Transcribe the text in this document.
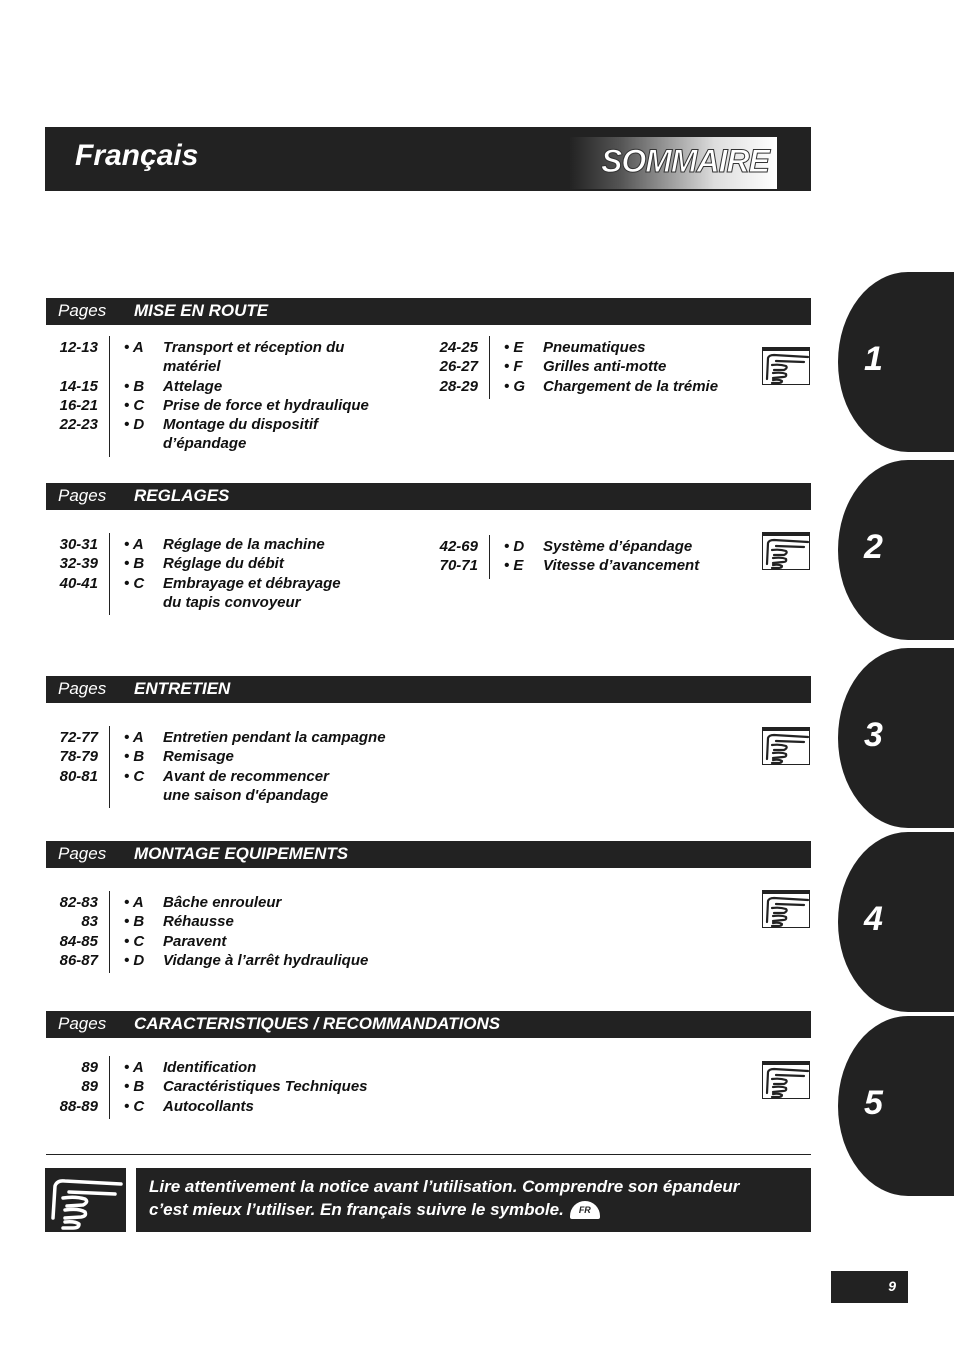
Français	SOMMAIRE
Pages MISE EN ROUTE
12-13
14-15
16-21
22-23
• A Transport et réception du
matériel
• B Attelage
• C Prise de force et hydraulique
• D Montage du dispositif
d’épandage
24-25
26-27
28-29
• E Pneumatiques
• F Grilles anti-motte
• G Chargement de la trémie
Pages REGLAGES
30-31
32-39
40-41
• A Réglage de la machine
• B Réglage du débit
• C Embrayage et débrayage
du tapis convoyeur
42-69
70-71
• D Système d’épandage
• E Vitesse d’avancement
Pages ENTRETIEN
72-77
78-79
80-81
• A Entretien pendant la campagne
• B Remisage
• C Avant de recommencer
une saison d'épandage
Pages MONTAGE EQUIPEMENTS
82-83
83
84-85
86-87
• A Bâche enrouleur
• B Réhausse
• C Paravent
• D Vidange à l’arrêt hydraulique
Pages CARACTERISTIQUES / RECOMMANDATIONS
89
89
88-89
• A Identification
• B Caractéristiques Techniques
• C Autocollants
1
2
3
4
5
Lire attentivement la notice avant l’utilisation. Comprendre son épandeur
c’est mieux l’utiliser. En français suivre le symbole. FR
9
